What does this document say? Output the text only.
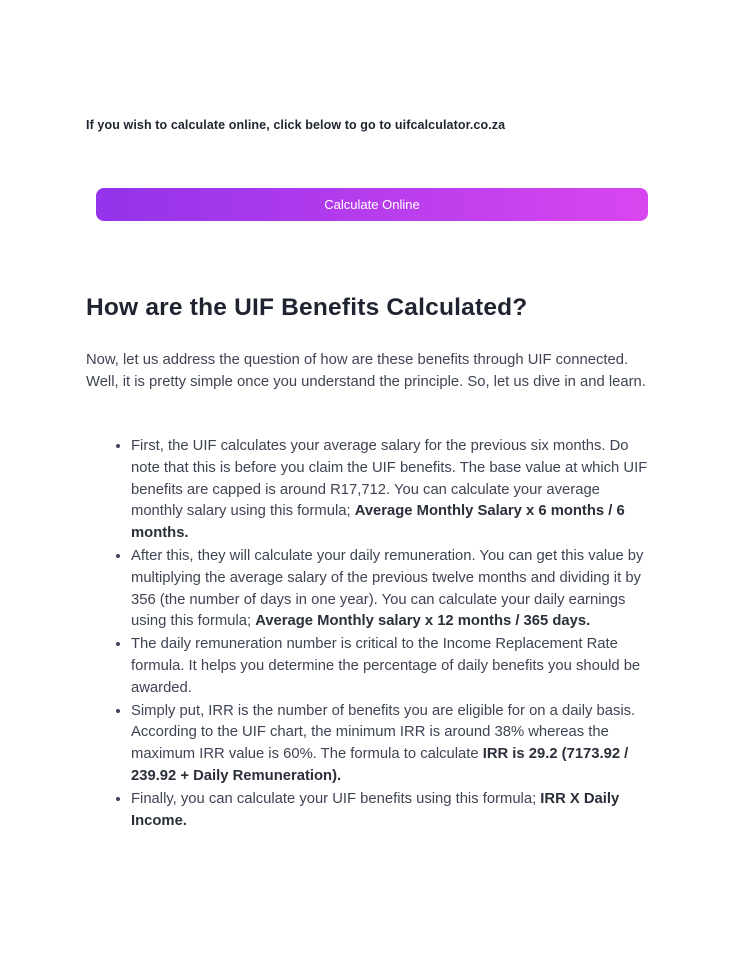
If you wish to calculate online, click below to go to uifcalculator.co.za

Calculate Online
How are the UIF Benefits Calculated?

Now, let us address the question of how are these benefits through UIF connected. Well, it is pretty simple once you understand the principle. So, let us dive in and learn.

• First, the UIF calculates your average salary for the previous six months. Do note that this is before you claim the UIF benefits. The base value at which UIF benefits are capped is around R17,712. You can calculate your average monthly salary using this formula; Average Monthly Salary x 6 months / 6 months.
• After this, they will calculate your daily remuneration. You can get this value by multiplying the average salary of the previous twelve months and dividing it by 356 (the number of days in one year). You can calculate your daily earnings using this formula; Average Monthly salary x 12 months / 365 days.
• The daily remuneration number is critical to the Income Replacement Rate formula. It helps you determine the percentage of daily benefits you should be awarded.
• Simply put, IRR is the number of benefits you are eligible for on a daily basis. According to the UIF chart, the minimum IRR is around 38% whereas the maximum IRR value is 60%. The formula to calculate IRR is 29.2 (7173.92 / 239.92 + Daily Remuneration).
• Finally, you can calculate your UIF benefits using this formula; IRR X Daily Income.
